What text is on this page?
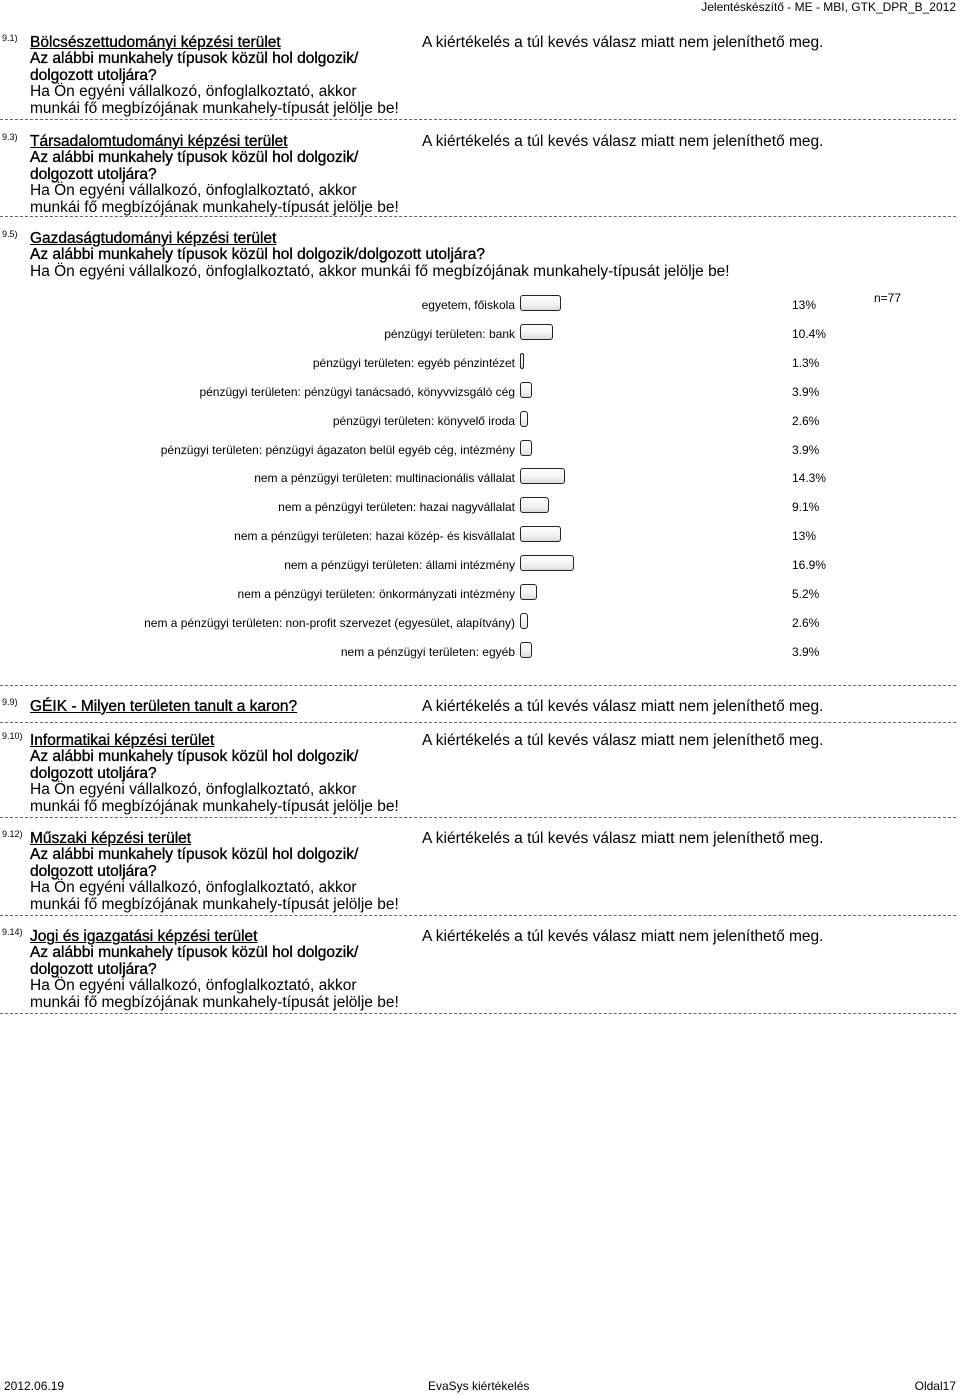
Jelentéskészítő - ME - MBI, GTK_DPR_B_2012
9.1) Bölcsészettudományi képzési terület
Az alábbi munkahely típusok közül hol dolgozik/
dolgozott utoljára?
Ha Ön egyéni vállalkozó, önfoglalkoztató, akkor
munkái fő megbízójának munkahely-típusát jelölje be!
A kiértékelés a túl kevés válasz miatt nem jeleníthető meg.
9.3) Társadalomtudományi képzési terület
Az alábbi munkahely típusok közül hol dolgozik/
dolgozott utoljára?
Ha Ön egyéni vállalkozó, önfoglalkoztató, akkor
munkái fő megbízójának munkahely-típusát jelölje be!
A kiértékelés a túl kevés válasz miatt nem jeleníthető meg.
9.5) Gazdaságtudományi képzési terület
Az alábbi munkahely típusok közül hol dolgozik/dolgozott utoljára?
Ha Ön egyéni vállalkozó, önfoglalkoztató, akkor munkái fő megbízójának munkahely-típusát jelölje be!
n=77
egyetem, főiskola	13%
pénzügyi területen: bank	10.4%
pénzügyi területen: egyéb pénzintézet	1.3%
pénzügyi területen: pénzügyi tanácsadó, könyvvizsgáló cég	3.9%
pénzügyi területen: könyvelő iroda	2.6%
pénzügyi területen: pénzügyi ágazaton belül egyéb cég, intézmény	3.9%
nem a pénzügyi területen: multinacionális vállalat	14.3%
nem a pénzügyi területen: hazai nagyvállalat	9.1%
nem a pénzügyi területen: hazai közép- és kisvállalat	13%
nem a pénzügyi területen: állami intézmény	16.9%
nem a pénzügyi területen: önkormányzati intézmény	5.2%
nem a pénzügyi területen: non-profit szervezet (egyesület, alapítvány)	2.6%
nem a pénzügyi területen: egyéb	3.9%
9.9) GÉIK - Milyen területen tanult a karon?	A kiértékelés a túl kevés válasz miatt nem jeleníthető meg.
9.10) Informatikai képzési terület
Az alábbi munkahely típusok közül hol dolgozik/
dolgozott utoljára?
Ha Ön egyéni vállalkozó, önfoglalkoztató, akkor
munkái fő megbízójának munkahely-típusát jelölje be!
A kiértékelés a túl kevés válasz miatt nem jeleníthető meg.
9.12) Műszaki képzési terület
Az alábbi munkahely típusok közül hol dolgozik/
dolgozott utoljára?
Ha Ön egyéni vállalkozó, önfoglalkoztató, akkor
munkái fő megbízójának munkahely-típusát jelölje be!
A kiértékelés a túl kevés válasz miatt nem jeleníthető meg.
9.14) Jogi és igazgatási képzési terület
Az alábbi munkahely típusok közül hol dolgozik/
dolgozott utoljára?
Ha Ön egyéni vállalkozó, önfoglalkoztató, akkor
munkái fő megbízójának munkahely-típusát jelölje be!
A kiértékelés a túl kevés válasz miatt nem jeleníthető meg.
2012.06.19	EvaSys kiértékelés	Oldal17
